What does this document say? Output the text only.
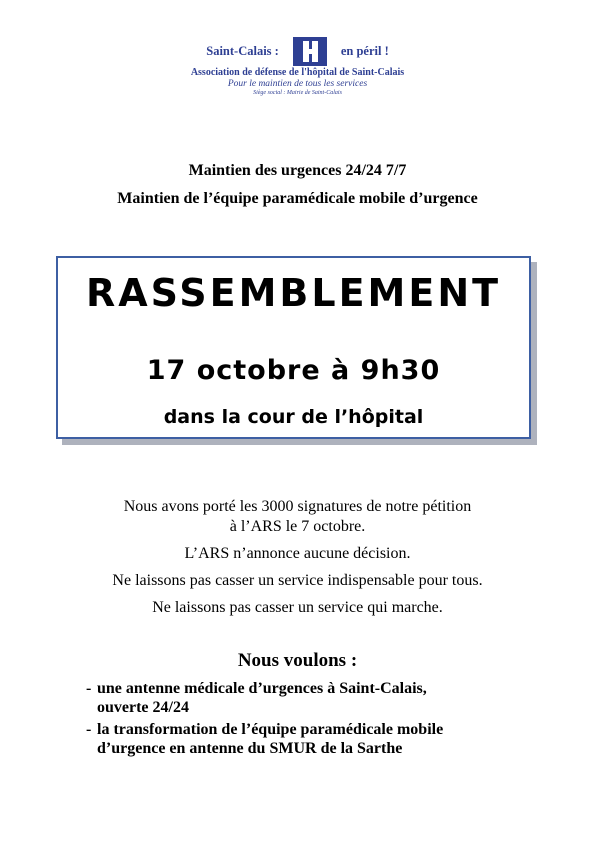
Saint-Calais :	en péril !
Association de défense de l'hôpital de Saint-Calais
Pour le maintien de tous les services
Siège social : Mairie de Saint-Calais
Maintien des urgences 24/24 7/7
Maintien de l’équipe paramédicale mobile d’urgence
RASSEMBLEMENT
17 octobre à 9h30
dans la cour de l’hôpital

Nous avons porté les 3000 signatures de notre pétition

à l’ARS le 7 octobre.

L’ARS n’annonce aucune décision.

Ne laissons pas casser un service indispensable pour tous.

Ne laissons pas casser un service qui marche.

Nous voulons :
- une antenne médicale d’urgences à Saint-Calais,
ouverte 24/24
- la transformation de l’équipe paramédicale mobile
d’urgence en antenne du SMUR de la Sarthe
